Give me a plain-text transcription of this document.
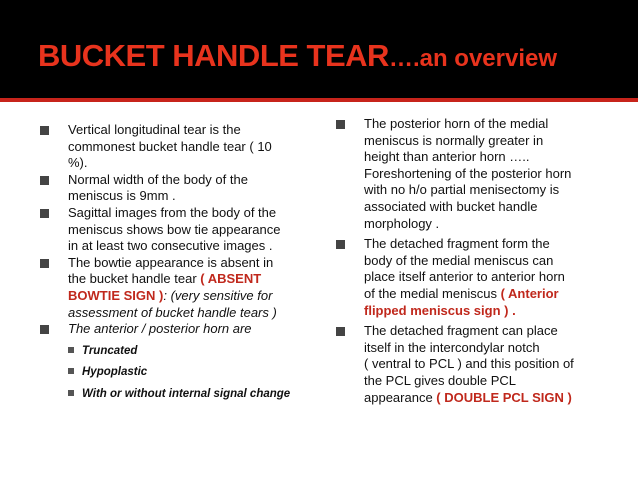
BUCKET HANDLE TEAR….an overview
Vertical longitudinal tear is the
commonest bucket handle tear ( 10
%).
Normal width of the body of the
meniscus is 9mm .
Sagittal images from the body of the
meniscus shows bow tie appearance
in at least two consecutive images .
The bowtie appearance is absent in
the bucket handle tear ( ABSENT
BOWTIE SIGN ): (very sensitive for
assessment of bucket handle tears )
The anterior / posterior horn are
Truncated
Hypoplastic
With or without internal signal change
The posterior horn of the medial
meniscus is normally greater in
height than anterior horn …..
Foreshortening of the posterior horn
with no h/o partial menisectomy is
associated with bucket handle
morphology .
The detached fragment form the
body of the medial meniscus can
place itself anterior to anterior horn
of the medial meniscus ( Anterior
flipped meniscus sign ) .
The detached fragment can place
itself in the intercondylar notch
( ventral to PCL ) and this position of
the PCL gives double PCL
appearance ( DOUBLE PCL SIGN )
